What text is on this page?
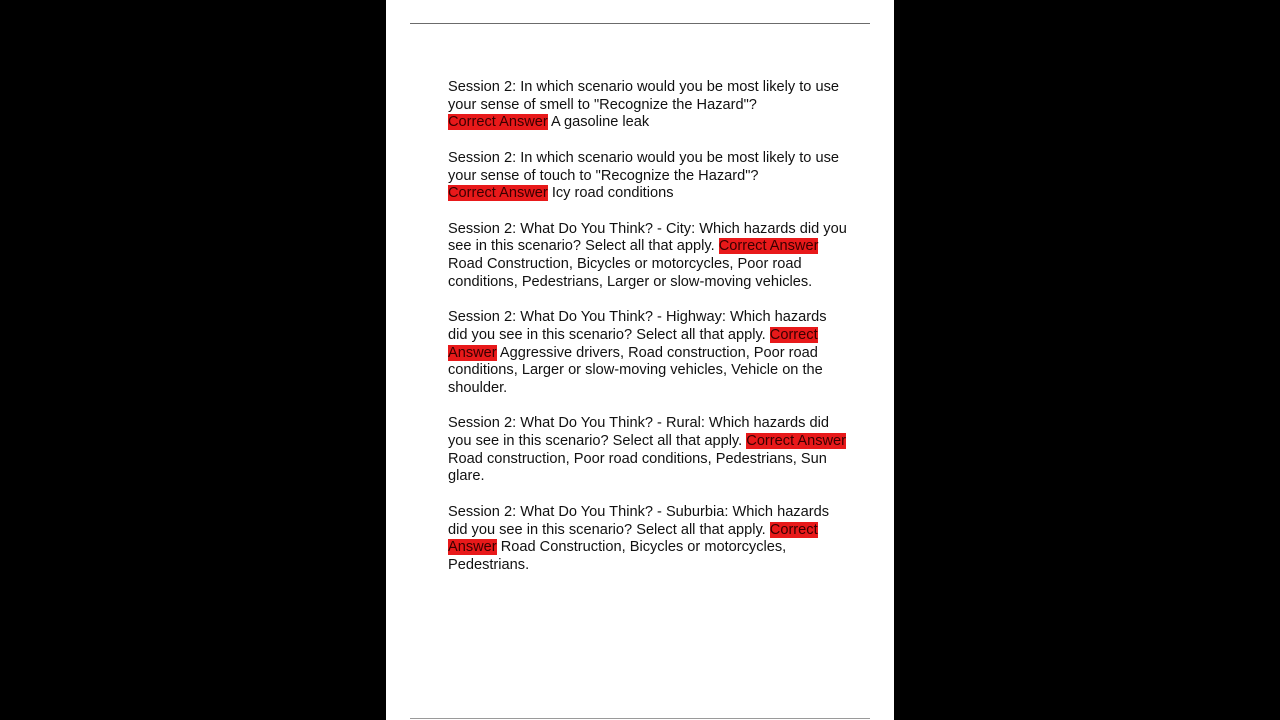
Session 2: In which scenario would you be most likely to use your sense of smell to "Recognize the Hazard"?
Correct Answer A gasoline leak

Session 2: In which scenario would you be most likely to use your sense of touch to "Recognize the Hazard"?
Correct Answer Icy road conditions

Session 2: What Do You Think? - City: Which hazards did you see in this scenario? Select all that apply. Correct Answer Road Construction, Bicycles or motorcycles, Poor road conditions, Pedestrians, Larger or slow-moving vehicles.

Session 2: What Do You Think? - Highway: Which hazards did you see in this scenario? Select all that apply. Correct Answer Aggressive drivers, Road construction, Poor road conditions, Larger or slow-moving vehicles, Vehicle on the shoulder.

Session 2: What Do You Think? - Rural: Which hazards did you see in this scenario? Select all that apply. Correct Answer Road construction, Poor road conditions, Pedestrians, Sun glare.

Session 2: What Do You Think? - Suburbia: Which hazards did you see in this scenario? Select all that apply. Correct Answer Road Construction, Bicycles or motorcycles, Pedestrians.
